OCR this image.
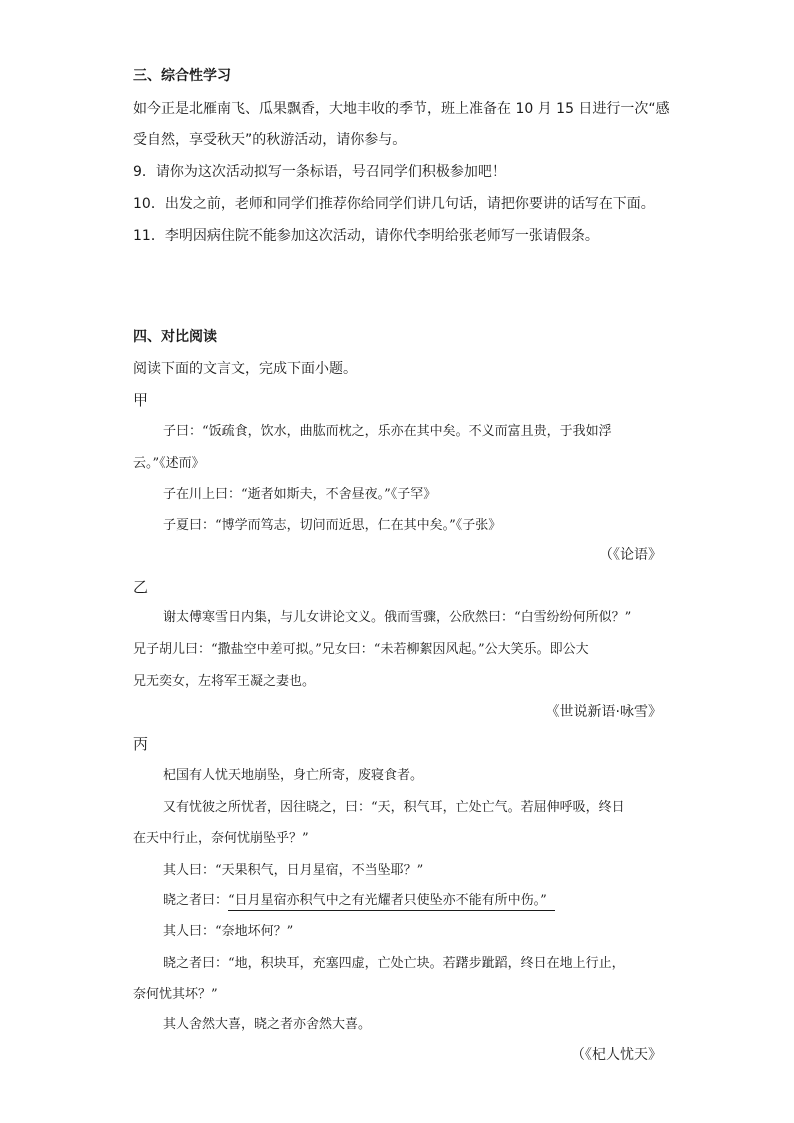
三、综合性学习
如今正是北雁南飞、瓜果飘香，大地丰收的季节，班上准备在 10 月 15 日进行一次“感
受自然，享受秋天”的秋游活动，请你参与。
9．请你为这次活动拟写一条标语，号召同学们积极参加吧！
10．出发之前，老师和同学们推荐你给同学们讲几句话，请把你要讲的话写在下面。
11．李明因病住院不能参加这次活动，请你代李明给张老师写一张请假条。
四、对比阅读
阅读下面的文言文，完成下面小题。
甲
子曰：“饭疏食，饮水，曲肱而枕之，乐亦在其中矣。不义而富且贵，于我如浮
云。”《述而》
子在川上曰：“逝者如斯夫，不舍昼夜。”《子罕》
子夏曰：“博学而笃志，切问而近思，仁在其中矣。”《子张》
（《论语》
乙
谢太傅寒雪日内集，与儿女讲论文义。俄而雪骤，公欣然曰：“白雪纷纷何所似？”
兄子胡儿曰：“撒盐空中差可拟。”兄女曰：“未若柳絮因风起。”公大笑乐。即公大
兄无奕女，左将军王凝之妻也。
《世说新语·咏雪》
丙
杞国有人忧天地崩坠，身亡所寄，废寝食者。
又有忧彼之所忧者，因往晓之，曰：“天，积气耳，亡处亡气。若屈伸呼吸，终日
在天中行止，奈何忧崩坠乎？”
其人曰：“天果积气，日月星宿，不当坠耶？”
晓之者曰：“日月星宿亦积气中之有光耀者只使坠亦不能有所中伤。”
其人曰：“奈地坏何？”
晓之者曰：“地，积块耳，充塞四虚，亡处亡块。若躇步跐蹈，终日在地上行止，
奈何忧其坏？”
其人舍然大喜，晓之者亦舍然大喜。
（《杞人忧天》
